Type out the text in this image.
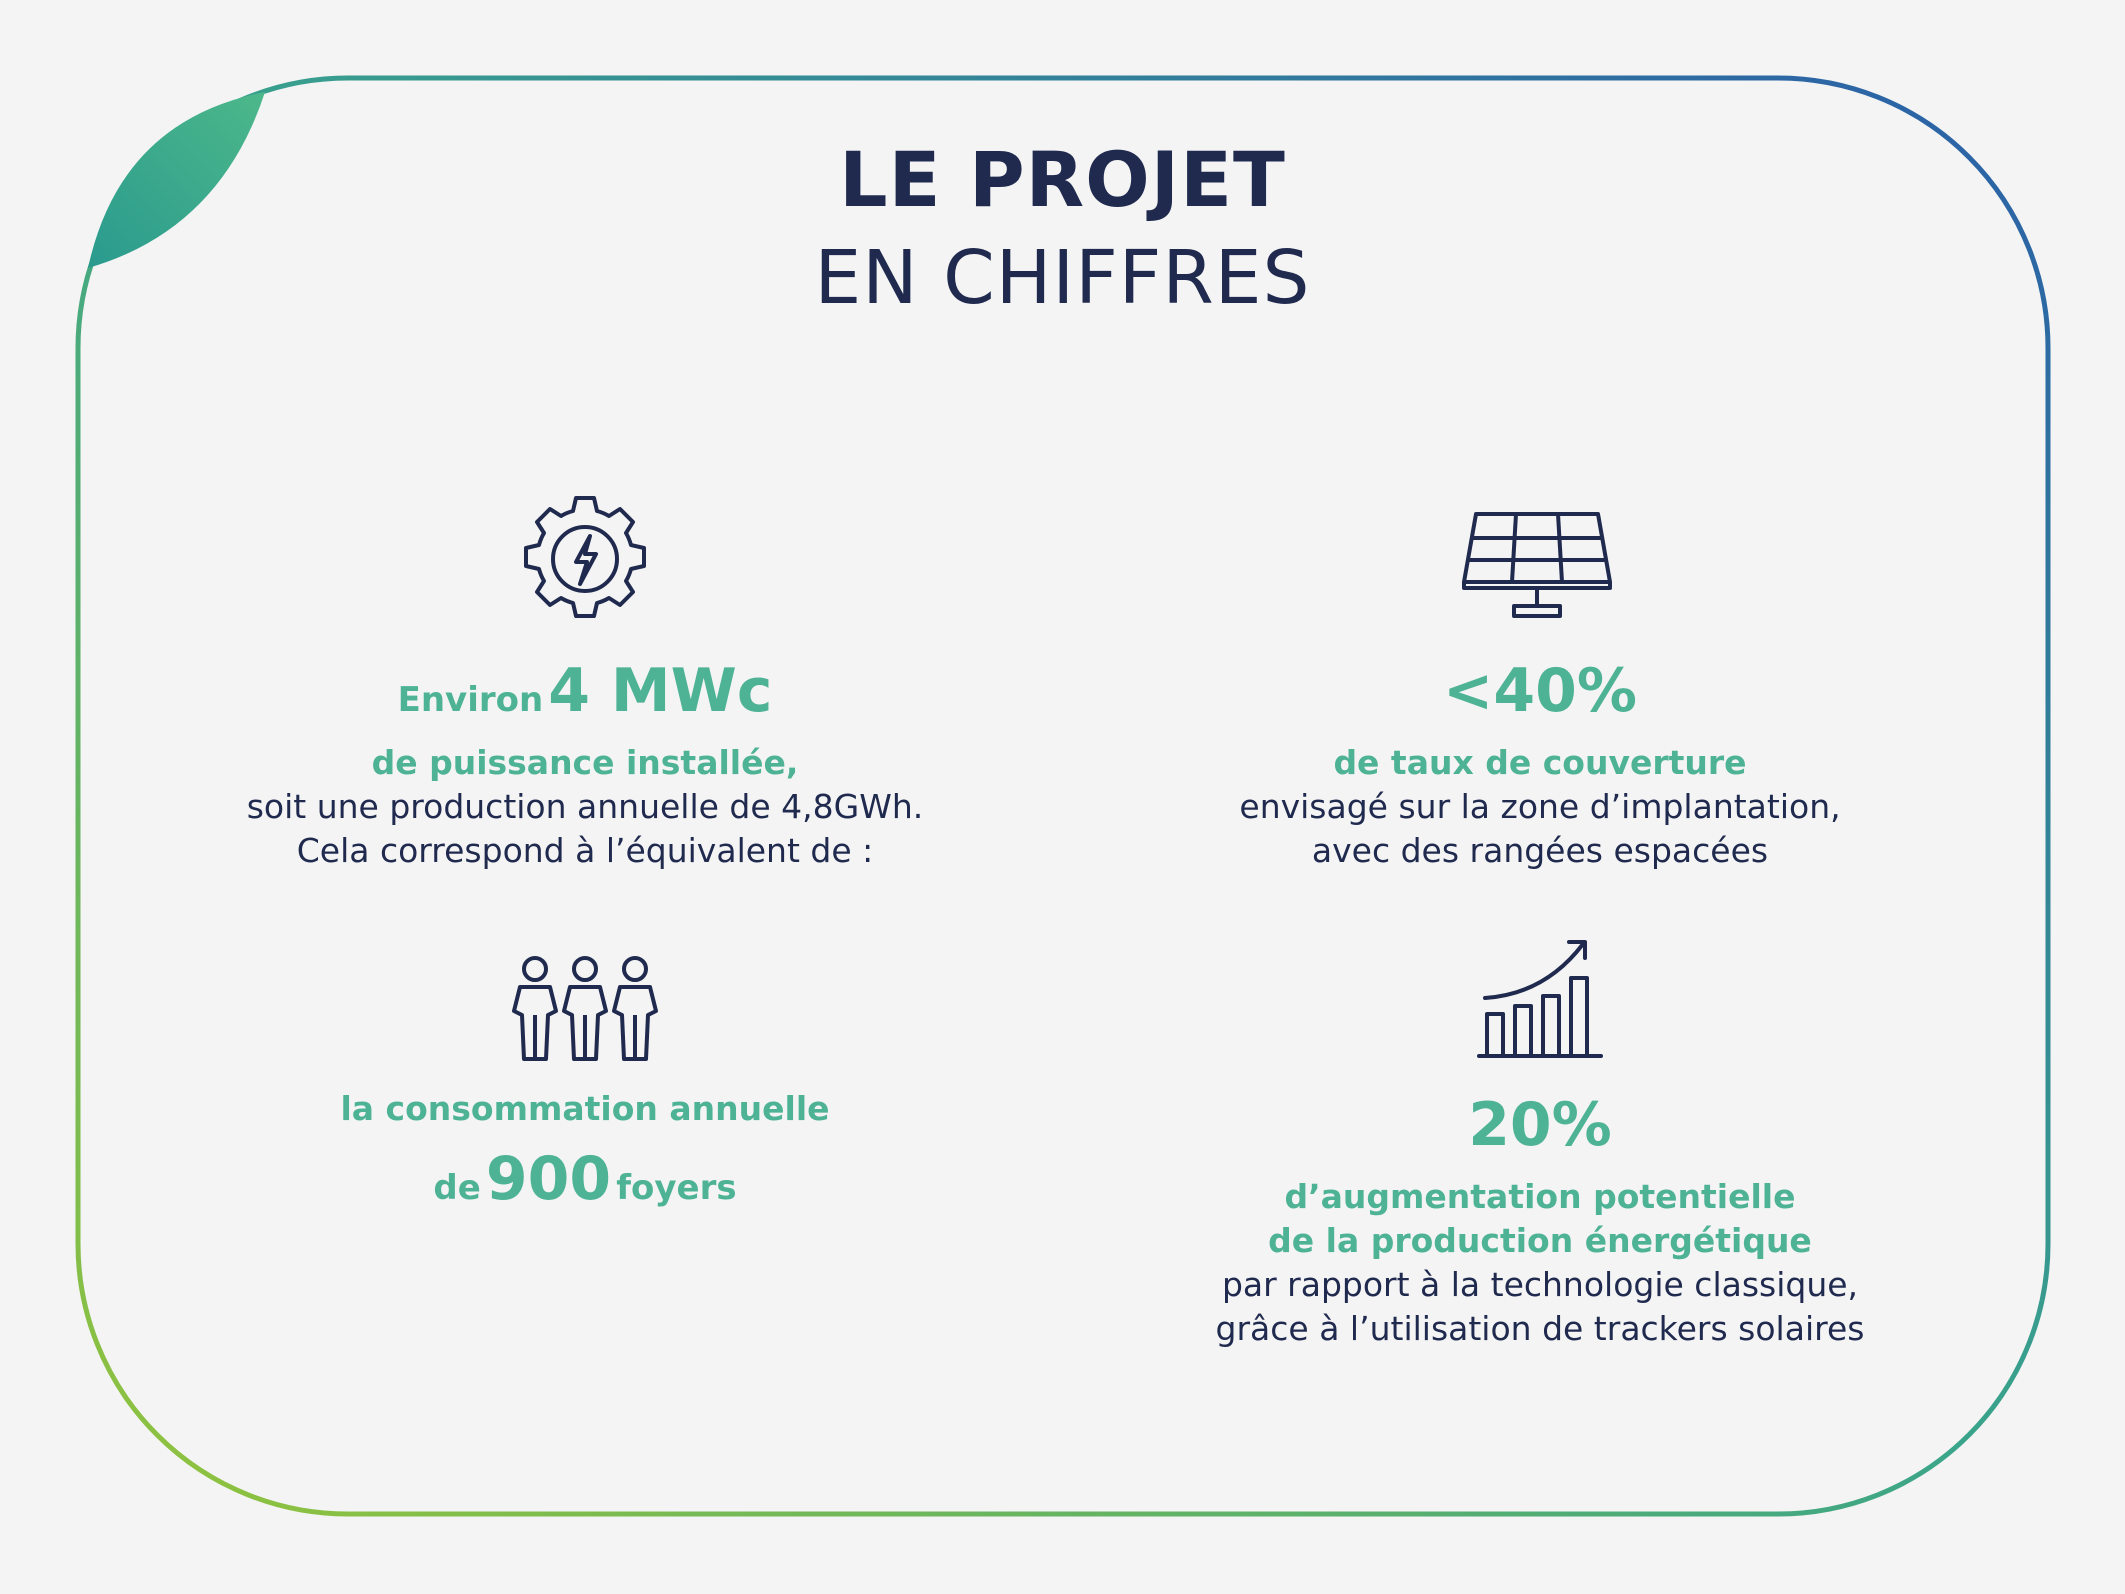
LE PROJET
EN CHIFFRES
Environ 4 MWc
de puissance installée,
soit une production annuelle de 4,8GWh.
Cela correspond à l’équivalent de :
<40%
de taux de couverture
envisagé sur la zone d’implantation,
avec des rangées espacées
la consommation annuelle
de 900 foyers
20%
d’augmentation potentielle
de la production énergétique
par rapport à la technologie classique,
grâce à l’utilisation de trackers solaires
